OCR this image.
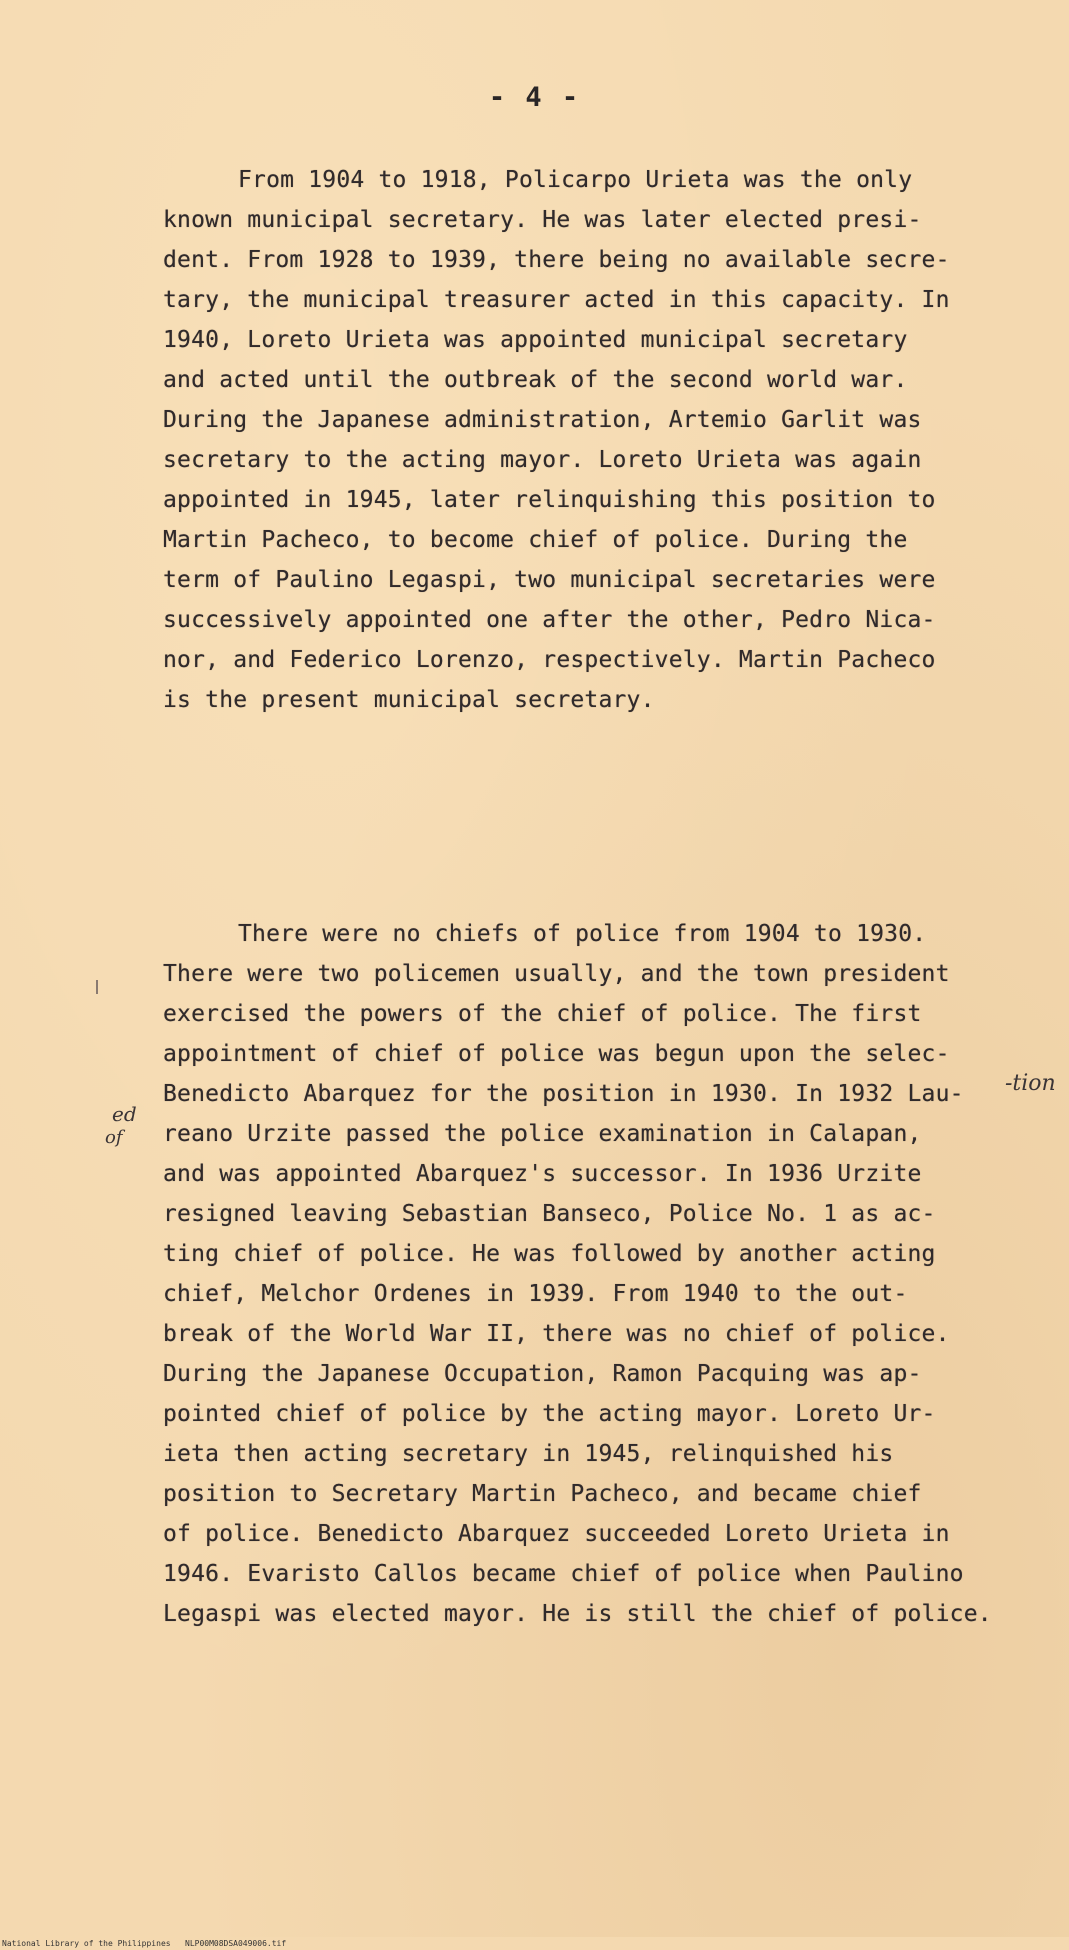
- 4 -
From 1904 to 1918, Policarpo Urieta was the only
known municipal secretary. He was later elected presi-
dent. From 1928 to 1939, there being no available secre-
tary, the municipal treasurer acted in this capacity. In
1940, Loreto Urieta was appointed municipal secretary
and acted until the outbreak of the second world war.
During the Japanese administration, Artemio Garlit was
secretary to the acting mayor. Loreto Urieta was again
appointed in 1945, later relinquishing this position to
Martin Pacheco, to become chief of police. During the
term of Paulino Legaspi, two municipal secretaries were
successively appointed one after the other, Pedro Nica-
nor, and Federico Lorenzo, respectively. Martin Pacheco
is the present municipal secretary.
There were no chiefs of police from 1904 to 1930.
There were two policemen usually, and the town president
exercised the powers of the chief of police. The first
appointment of chief of police was begun upon the selec-
Benedicto Abarquez for the position in 1930. In 1932 Lau-
reano Urzite passed the police examination in Calapan,
and was appointed Abarquez's successor. In 1936 Urzite
resigned leaving Sebastian Banseco, Police No. 1 as ac-
ting chief of police. He was followed by another acting
chief, Melchor Ordenes in 1939. From 1940 to the out-
break of the World War II, there was no chief of police.
During the Japanese Occupation, Ramon Pacquing was ap-
pointed chief of police by the acting mayor. Loreto Ur-
ieta then acting secretary in 1945, relinquished his
position to Secretary Martin Pacheco, and became chief
of police. Benedicto Abarquez succeeded Loreto Urieta in
1946. Evaristo Callos became chief of police when Paulino
Legaspi was elected mayor. He is still the chief of police.
-tion
ed
of
National Library of the Philippines NLP00M08DSA049006.tif
